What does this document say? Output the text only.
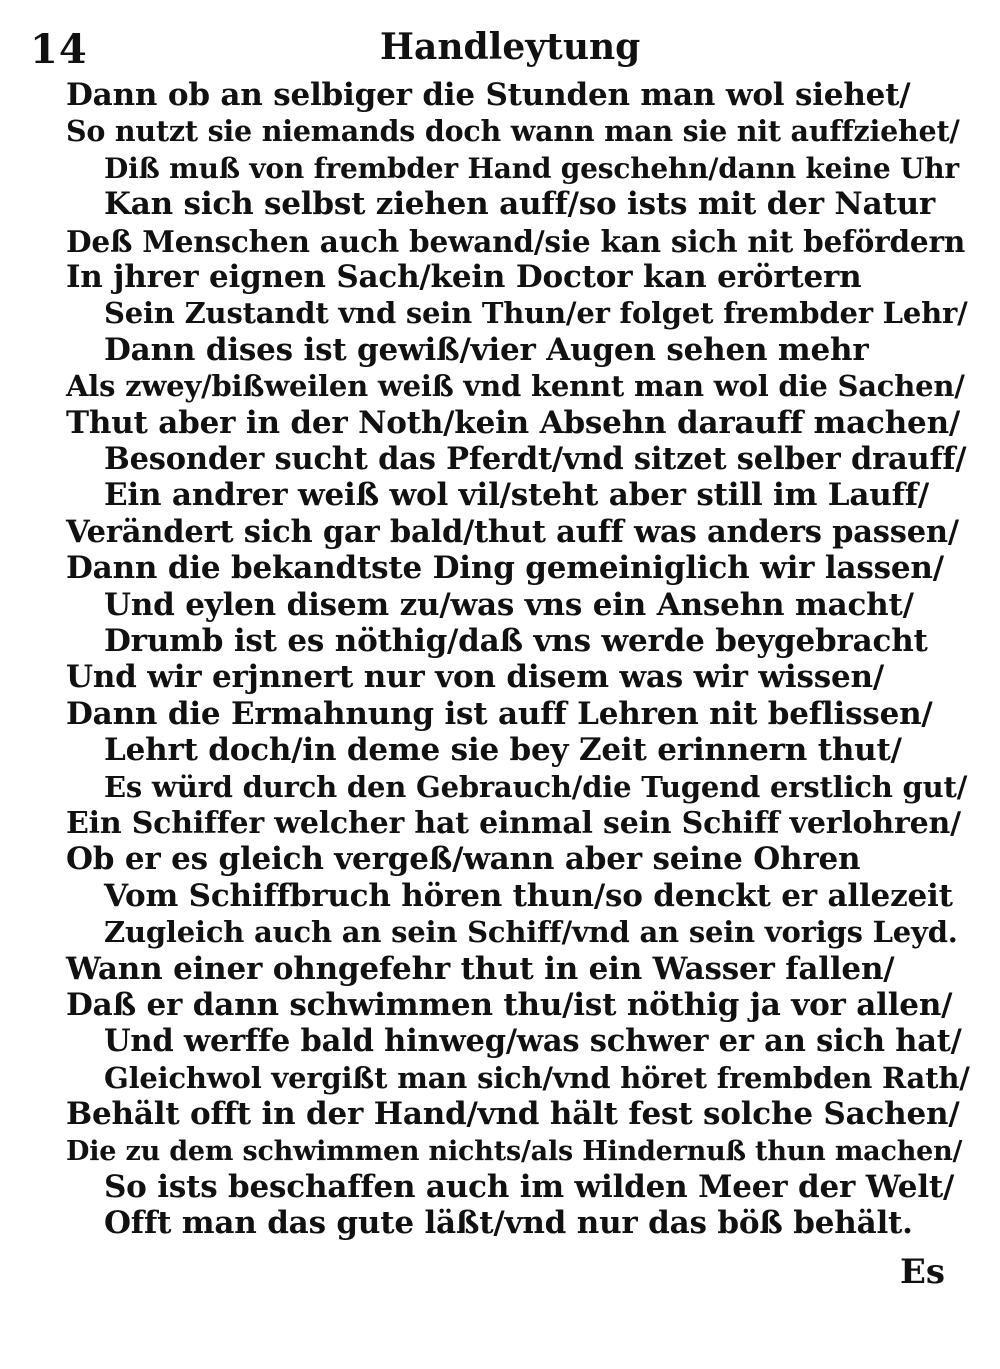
14	Handleytung
Dann ob an selbiger die Stunden man wol siehet/
So nutzt sie niemands doch wann man sie nit auffziehet/
Diß muß von frembder Hand geschehn/dann keine Uhr
Kan sich selbst ziehen auff/so ists mit der Natur
Deß Menschen auch bewand/sie kan sich nit befördern
In jhrer eignen Sach/kein Doctor kan erörtern
Sein Zustandt vnd sein Thun/er folget frembder Lehr/
Dann dises ist gewiß/vier Augen sehen mehr
Als zwey/bißweilen weiß vnd kennt man wol die Sachen/
Thut aber in der Noth/kein Absehn darauff machen/
Besonder sucht das Pferdt/vnd sitzet selber drauff/
Ein andrer weiß wol vil/steht aber still im Lauff/
Verändert sich gar bald/thut auff was anders passen/
Dann die bekandtste Ding gemeiniglich wir lassen/
Und eylen disem zu/was vns ein Ansehn macht/
Drumb ist es nöthig/daß vns werde beygebracht
Und wir erjnnert nur von disem was wir wissen/
Dann die Ermahnung ist auff Lehren nit beflissen/
Lehrt doch/in deme sie bey Zeit erinnern thut/
Es würd durch den Gebrauch/die Tugend erstlich gut/
Ein Schiffer welcher hat einmal sein Schiff verlohren/
Ob er es gleich vergeß/wann aber seine Ohren
Vom Schiffbruch hören thun/so denckt er allezeit
Zugleich auch an sein Schiff/vnd an sein vorigs Leyd.
Wann einer ohngefehr thut in ein Wasser fallen/
Daß er dann schwimmen thu/ist nöthig ja vor allen/
Und werffe bald hinweg/was schwer er an sich hat/
Gleichwol vergißt man sich/vnd höret frembden Rath/
Behält offt in der Hand/vnd hält fest solche Sachen/
Die zu dem schwimmen nichts/als Hindernuß thun machen/
So ists beschaffen auch im wilden Meer der Welt/
Offt man das gute läßt/vnd nur das böß behält.
Es
